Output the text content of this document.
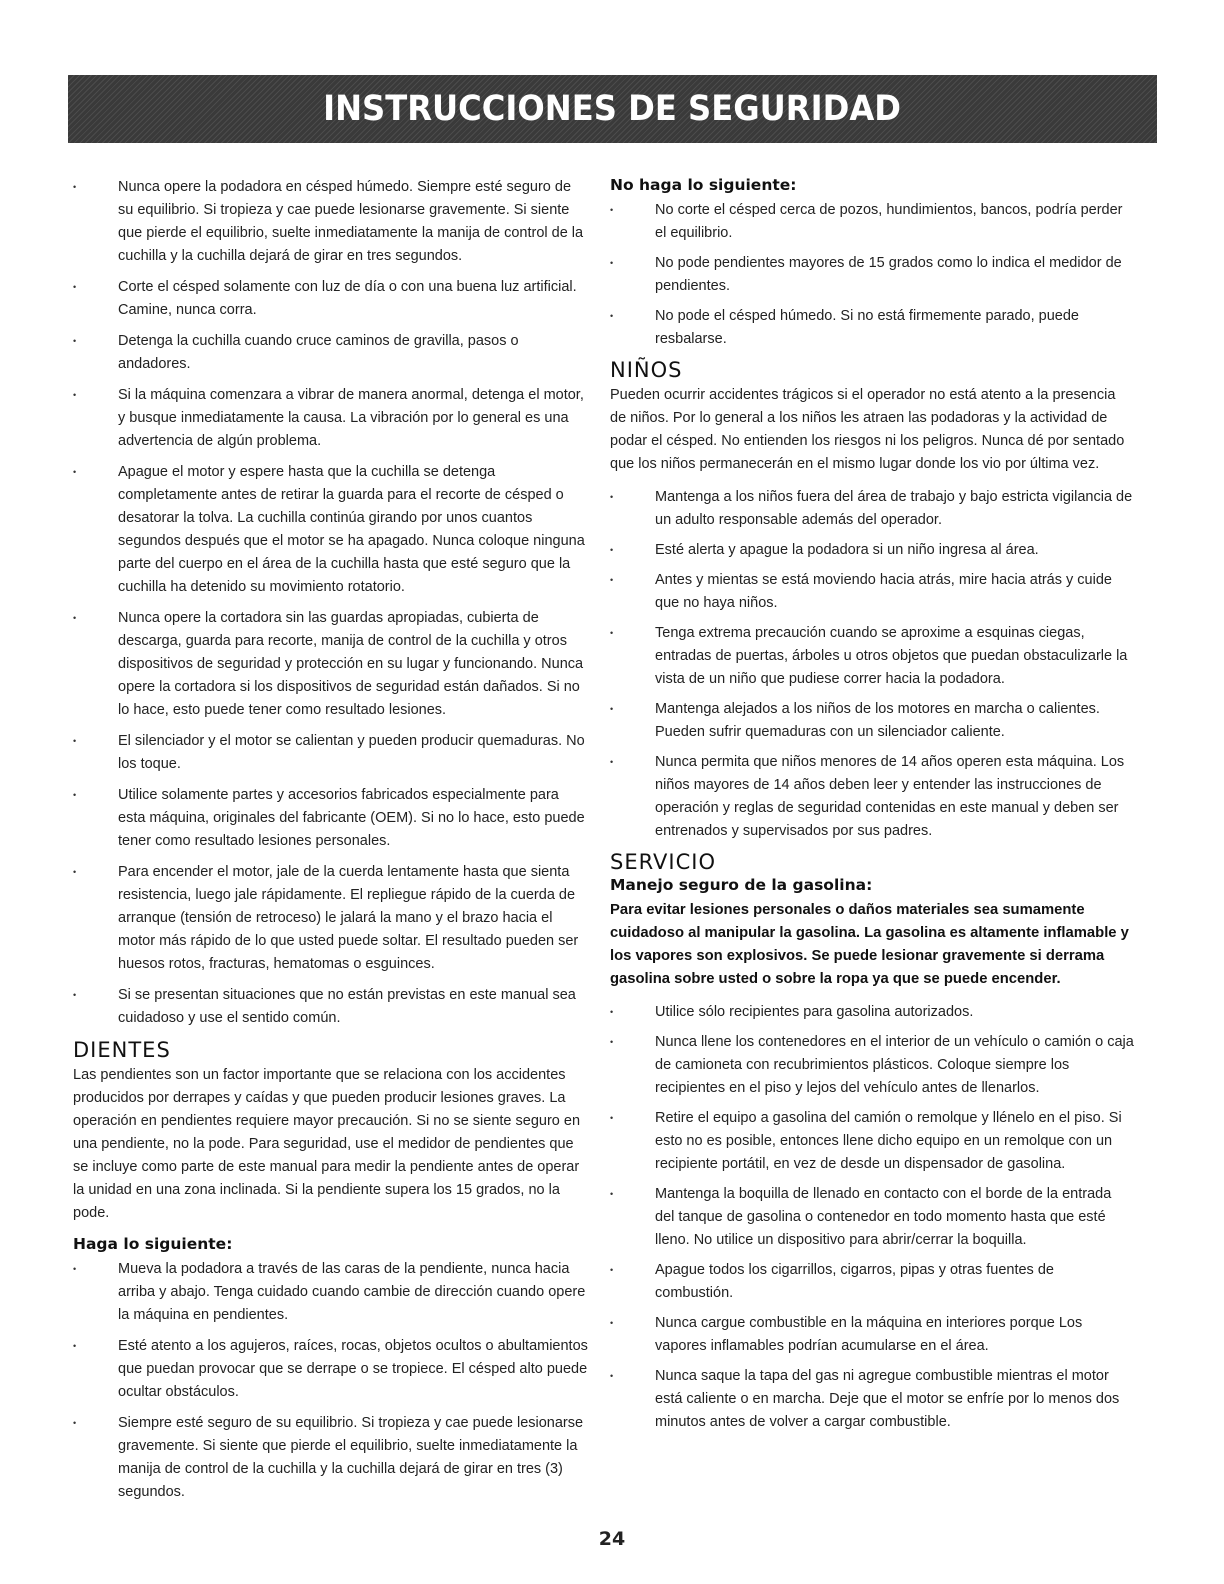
INSTRUCCIONES DE SEGURIDAD
• Nunca opere la podadora en césped húmedo. Siempre esté seguro de su equilibrio. Si tropieza y cae puede lesionarse gravemente. Si siente que pierde el equilibrio, suelte inmediatamente la manija de control de la cuchilla y la cuchilla dejará de girar en tres segundos.
• Corte el césped solamente con luz de día o con una buena luz artificial. Camine, nunca corra.
• Detenga la cuchilla cuando cruce caminos de gravilla, pasos o andadores.
• Si la máquina comenzara a vibrar de manera anormal, detenga el motor, y busque inmediatamente la causa. La vibración por lo general es una advertencia de algún problema.
• Apague el motor y espere hasta que la cuchilla se detenga completamente antes de retirar la guarda para el recorte de césped o desatorar la tolva. La cuchilla continúa girando por unos cuantos segundos después que el motor se ha apagado. Nunca coloque ninguna parte del cuerpo en el área de la cuchilla hasta que esté seguro que la cuchilla ha detenido su movimiento rotatorio.
• Nunca opere la cortadora sin las guardas apropiadas, cubierta de descarga, guarda para recorte, manija de control de la cuchilla y otros dispositivos de seguridad y protección en su lugar y funcionando. Nunca opere la cortadora si los dispositivos de seguridad están dañados. Si no lo hace, esto puede tener como resultado lesiones.
• El silenciador y el motor se calientan y pueden producir quemaduras. No los toque.
• Utilice solamente partes y accesorios fabricados especialmente para esta máquina, originales del fabricante (OEM). Si no lo hace, esto puede tener como resultado lesiones personales.
• Para encender el motor, jale de la cuerda lentamente hasta que sienta resistencia, luego jale rápidamente. El repliegue rápido de la cuerda de arranque (tensión de retroceso) le jalará la mano y el brazo hacia el motor más rápido de lo que usted puede soltar. El resultado pueden ser huesos rotos, fracturas, hematomas o esguinces.
• Si se presentan situaciones que no están previstas en este manual sea cuidadoso y use el sentido común.
DIENTES

Las pendientes son un factor importante que se relaciona con los accidentes producidos por derrapes y caídas y que pueden producir lesiones graves. La operación en pendientes requiere mayor precaución. Si no se siente seguro en una pendiente, no la pode. Para seguridad, use el medidor de pendientes que se incluye como parte de este manual para medir la pendiente antes de operar la unidad en una zona inclinada. Si la pendiente supera los 15 grados, no la pode.

Haga lo siguiente:
• Mueva la podadora a través de las caras de la pendiente, nunca hacia arriba y abajo. Tenga cuidado cuando cambie de dirección cuando opere la máquina en pendientes.
• Esté atento a los agujeros, raíces, rocas, objetos ocultos o abultamientos que puedan provocar que se derrape o se tropiece. El césped alto puede ocultar obstáculos.
• Siempre esté seguro de su equilibrio. Si tropieza y cae puede lesionarse gravemente. Si siente que pierde el equilibrio, suelte inmediatamente la manija de control de la cuchilla y la cuchilla dejará de girar en tres (3) segundos.
No haga lo siguiente:
• No corte el césped cerca de pozos, hundimientos, bancos, podría perder el equilibrio.
• No pode pendientes mayores de 15 grados como lo indica el medidor de pendientes.
• No pode el césped húmedo. Si no está firmemente parado, puede resbalarse.
NIÑOS

Pueden ocurrir accidentes trágicos si el operador no está atento a la presencia de niños. Por lo general a los niños les atraen las podadoras y la actividad de podar el césped. No entienden los riesgos ni los peligros. Nunca dé por sentado que los niños permanecerán en el mismo lugar donde los vio por última vez.

• Mantenga a los niños fuera del área de trabajo y bajo estricta vigilancia de un adulto responsable además del operador.
• Esté alerta y apague la podadora si un niño ingresa al área.
• Antes y mientas se está moviendo hacia atrás, mire hacia atrás y cuide que no haya niños.
• Tenga extrema precaución cuando se aproxime a esquinas ciegas, entradas de puertas, árboles u otros objetos que puedan obstaculizarle la vista de un niño que pudiese correr hacia la podadora.
• Mantenga alejados a los niños de los motores en marcha o calientes. Pueden sufrir quemaduras con un silenciador caliente.
• Nunca permita que niños menores de 14 años operen esta máquina. Los niños mayores de 14 años deben leer y entender las instrucciones de operación y reglas de seguridad contenidas en este manual y deben ser entrenados y supervisados por sus padres.
SERVICIO
Manejo seguro de la gasolina:

Para evitar lesiones personales o daños materiales sea sumamente cuidadoso al manipular la gasolina. La gasolina es altamente inflamable y los vapores son explosivos. Se puede lesionar gravemente si derrama gasolina sobre usted o sobre la ropa ya que se puede encender.

• Utilice sólo recipientes para gasolina autorizados.
• Nunca llene los contenedores en el interior de un vehículo o camión o caja de camioneta con recubrimientos plásticos. Coloque siempre los recipientes en el piso y lejos del vehículo antes de llenarlos.
• Retire el equipo a gasolina del camión o remolque y llénelo en el piso. Si esto no es posible, entonces llene dicho equipo en un remolque con un recipiente portátil, en vez de desde un dispensador de gasolina.
• Mantenga la boquilla de llenado en contacto con el borde de la entrada del tanque de gasolina o contenedor en todo momento hasta que esté lleno. No utilice un dispositivo para abrir/cerrar la boquilla.
• Apague todos los cigarrillos, cigarros, pipas y otras fuentes de combustión.
• Nunca cargue combustible en la máquina en interiores porque Los vapores inflamables podrían acumularse en el área.
• Nunca saque la tapa del gas ni agregue combustible mientras el motor está caliente o en marcha. Deje que el motor se enfríe por lo menos dos minutos antes de volver a cargar combustible.
24
